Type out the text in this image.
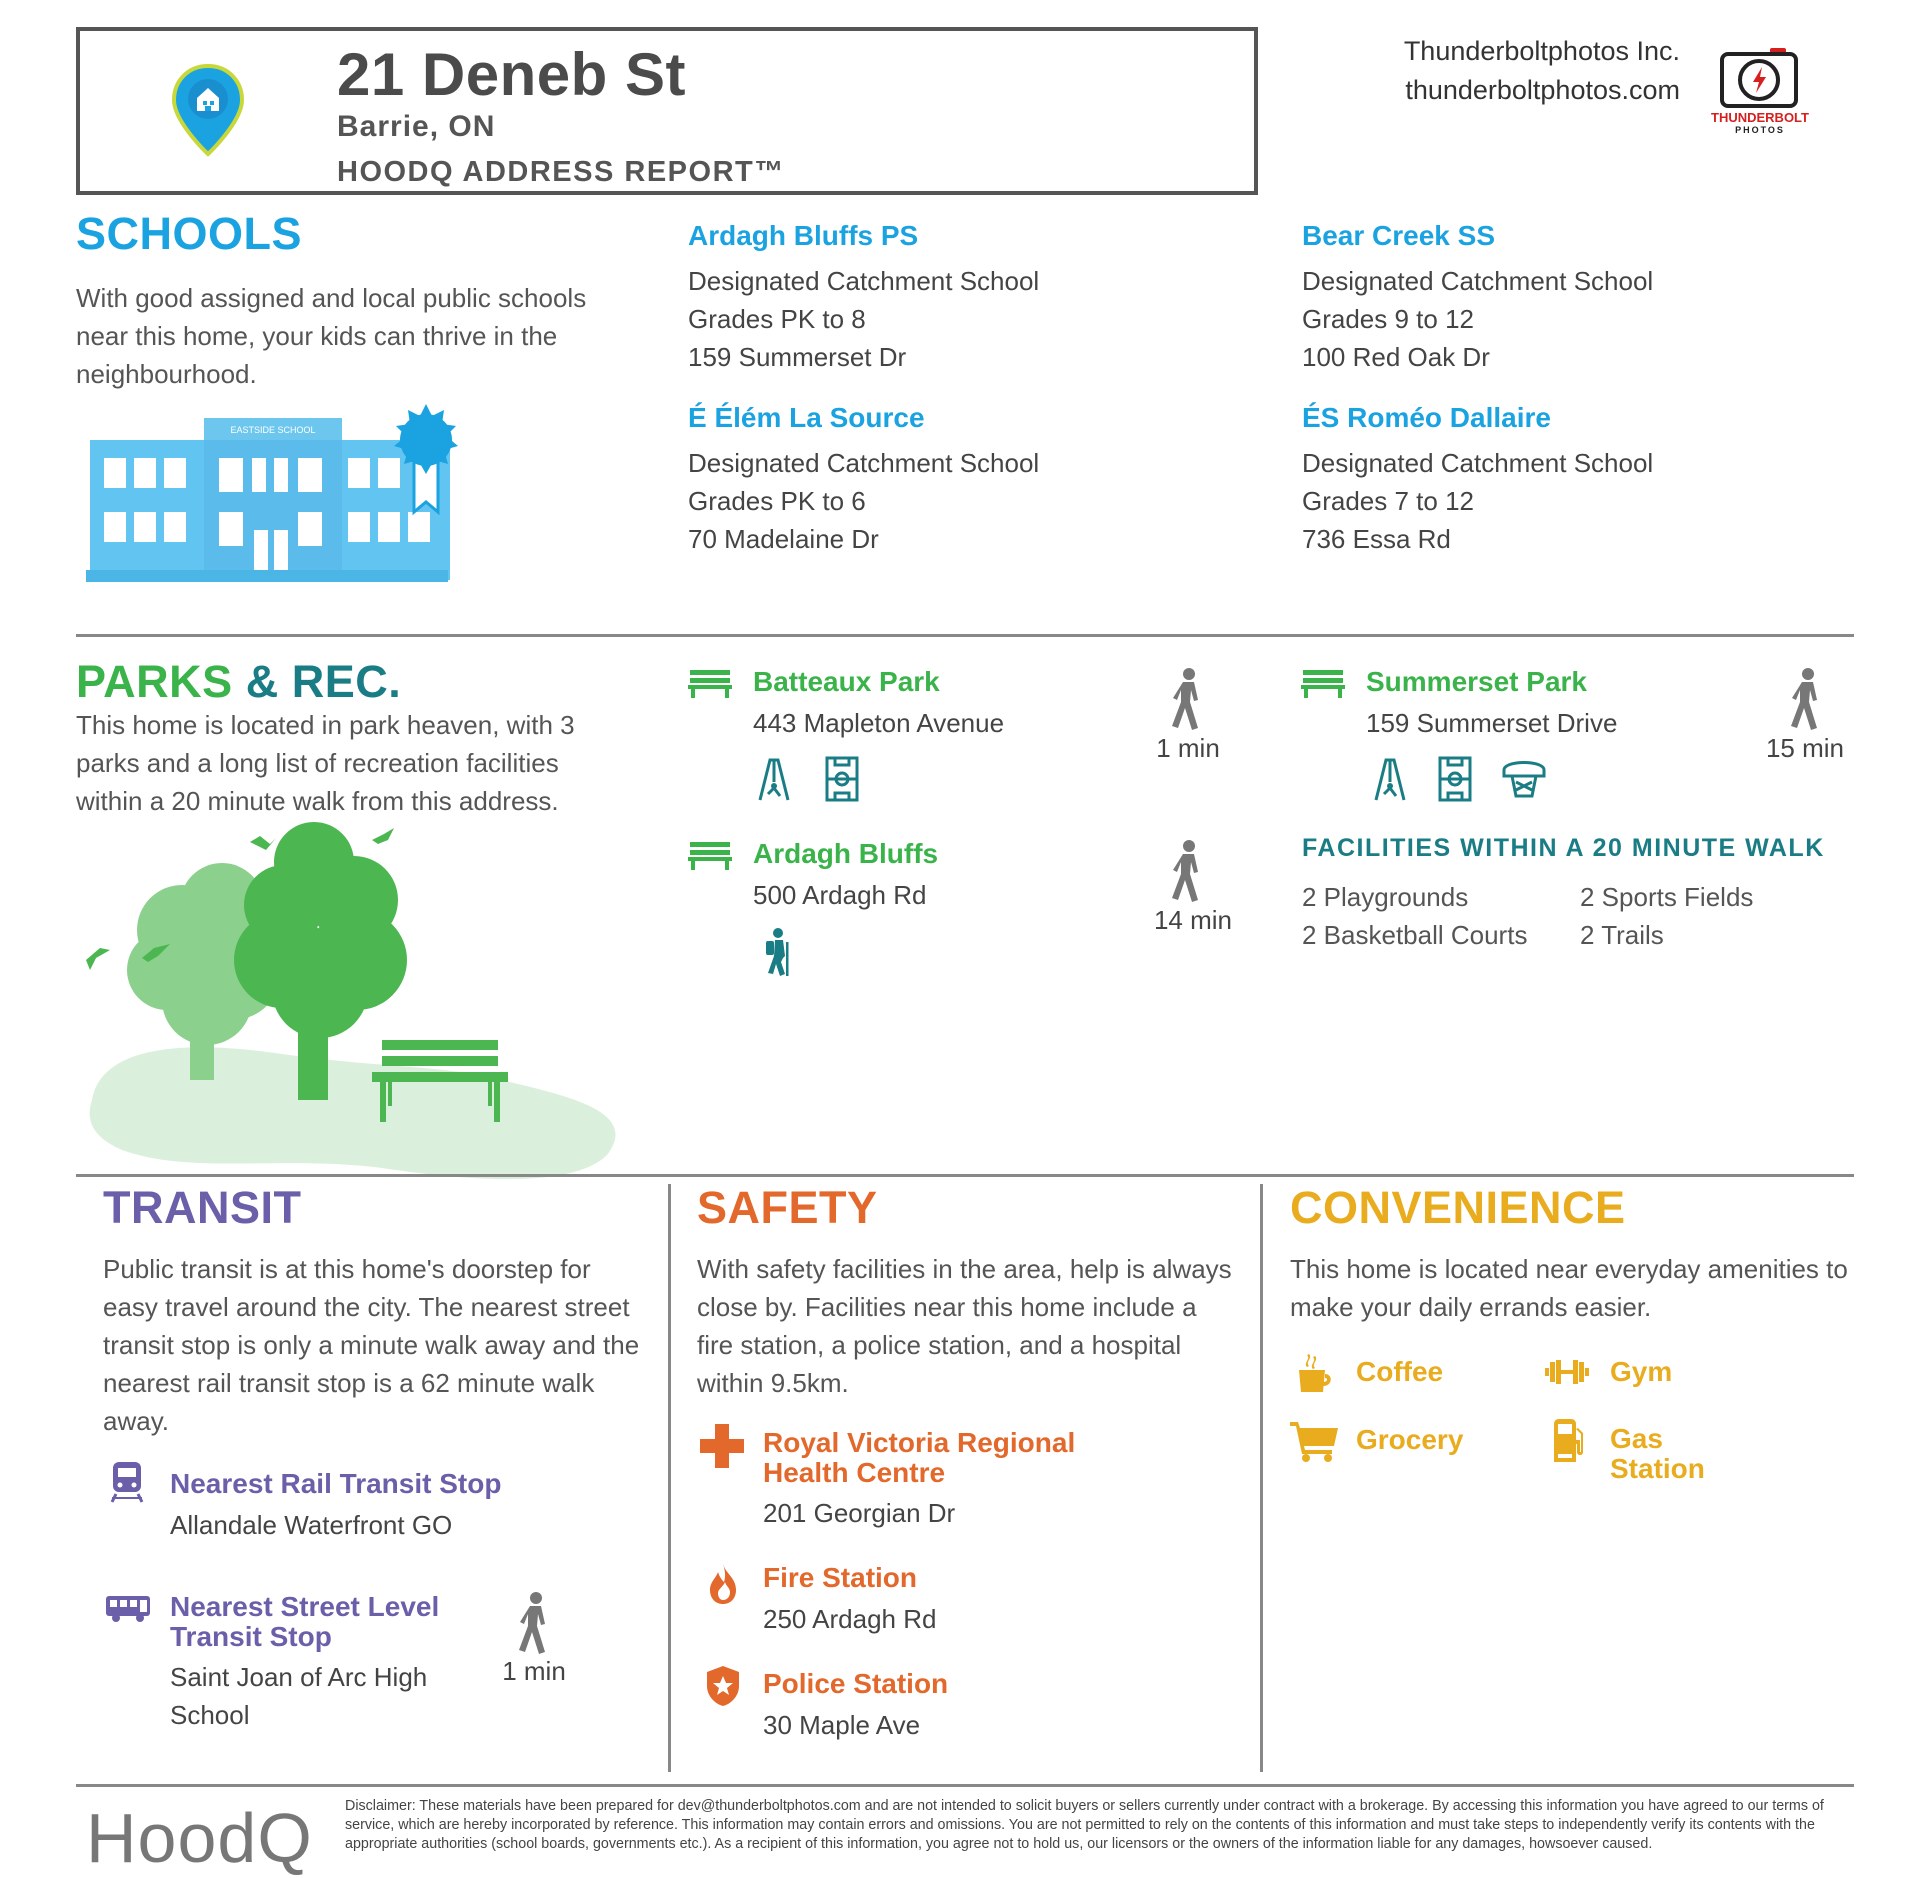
21 Deneb St
Barrie, ON
HOODQ ADDRESS REPORT™
Thunderboltphotos Inc.
thunderboltphotos.com
THUNDERBOLT
PHOTOS
SCHOOLS
With good assigned and local public schools near this home, your kids can thrive in the neighbourhood.
EASTSIDE SCHOOL
Ardagh Bluffs PS
Designated Catchment School
Grades PK to 8
159 Summerset Dr
Bear Creek SS
Designated Catchment School
Grades 9 to 12
100 Red Oak Dr
É Élém La Source
Designated Catchment School
Grades PK to 6
70 Madelaine Dr
ÉS Roméo Dallaire
Designated Catchment School
Grades 7 to 12
736 Essa Rd
PARKS & REC.
This home is located in park heaven, with 3 parks and a long list of recreation facilities within a 20 minute walk from this address.
Batteaux Park
443 Mapleton Avenue
1 min
Ardagh Bluffs
500 Ardagh Rd
14 min
Summerset Park
159 Summerset Drive
15 min
FACILITIES WITHIN A 20 MINUTE WALK
2 Playgrounds	2 Sports Fields
2 Basketball Courts 2 Trails
TRANSIT
Public transit is at this home's doorstep for easy travel around the city. The nearest street transit stop is only a minute walk away and the nearest rail transit stop is a 62 minute walk away.
Nearest Rail Transit Stop
Allandale Waterfront GO
Nearest Street Level
Transit Stop
Saint Joan of Arc High
School
1 min
SAFETY
With safety facilities in the area, help is always close by. Facilities near this home include a fire station, a police station, and a hospital within 9.5km.
Royal Victoria Regional
Health Centre
201 Georgian Dr
Fire Station
250 Ardagh Rd
Police Station
30 Maple Ave
CONVENIENCE
This home is located near everyday amenities to make your daily errands easier.
Coffee	Gym
Grocery	Gas
Station
HoodQ Disclaimer: These materials have been prepared for dev@thunderboltphotos.com and are not intended to solicit buyers or sellers currently under contract with a brokerage. By accessing this information you have agreed to our terms of service, which are hereby incorporated by reference. This information may contain errors and omissions. You are not permitted to rely on the contents of this information and must take steps to independently verify its contents with the appropriate authorities (school boards, governments etc.). As a recipient of this information, you agree not to hold us, our licensors or the owners of the information liable for any damages, howsoever caused.
